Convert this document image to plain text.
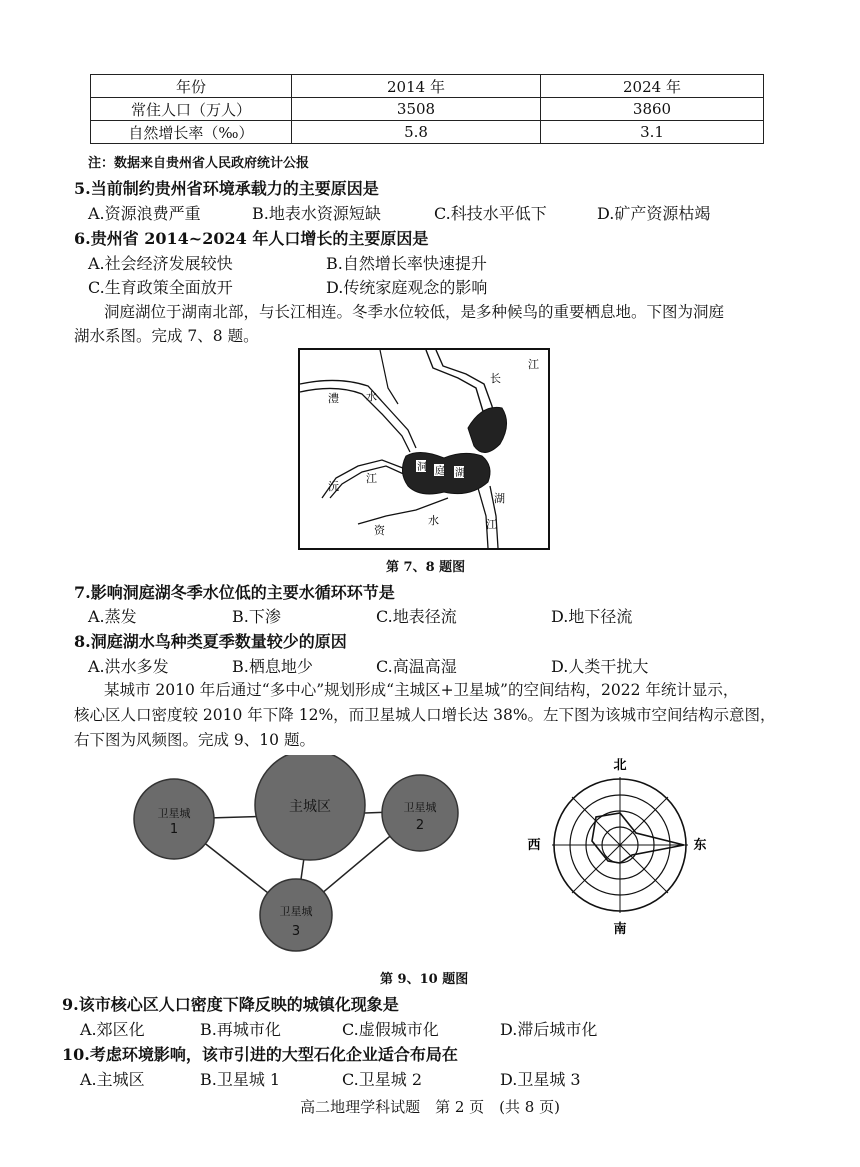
年份	2014 年	2024 年
常住人口（万人）	3508	3860
自然增长率（‰）	5.8	3.1
注：数据来自贵州省人民政府统计公报
5.当前制约贵州省环境承载力的主要原因是
A.资源浪费严重	B.地表水资源短缺	C.科技水平低下	D.矿产资源枯竭
6.贵州省 2014~2024 年人口增长的主要原因是
A.社会经济发展较快	B.自然增长率快速提升
C.生育政策全面放开	D.传统家庭观念的影响
洞庭湖位于湖南北部，与长江相连。冬季水位较低，是多种候鸟的重要栖息地。下图为洞庭
湖水系图。完成 7、8 题。
长
江
澧 水
沅
江
洞 庭 湖
湖
江
资
水
第 7、8 题图
7.影响洞庭湖冬季水位低的主要水循环环节是
A.蒸发	B.下渗	C.地表径流	D.地下径流
8.洞庭湖水鸟种类夏季数量较少的原因
A.洪水多发	B.栖息地少	C.高温高湿	D.人类干扰大
某城市 2010 年后通过“多中心”规划形成“主城区+卫星城”的空间结构，2022 年统计显示，
核心区人口密度较 2010 年下降 12%，而卫星城人口增长达 38%。左下图为该城市空间结构示意图，
右下图为风频图。完成 9、10 题。
主城区
卫星城
1
卫星城
2
卫星城
3
北
南
西	东
第 9、10 题图
9.该市核心区人口密度下降反映的城镇化现象是
A.郊区化	B.再城市化	C.虚假城市化	D.滞后城市化
10.考虑环境影响，该市引进的大型石化企业适合布局在
A.主城区	B.卫星城 1	C.卫星城 2	D.卫星城 3
高二地理学科试题　第 2 页　(共 8 页)
